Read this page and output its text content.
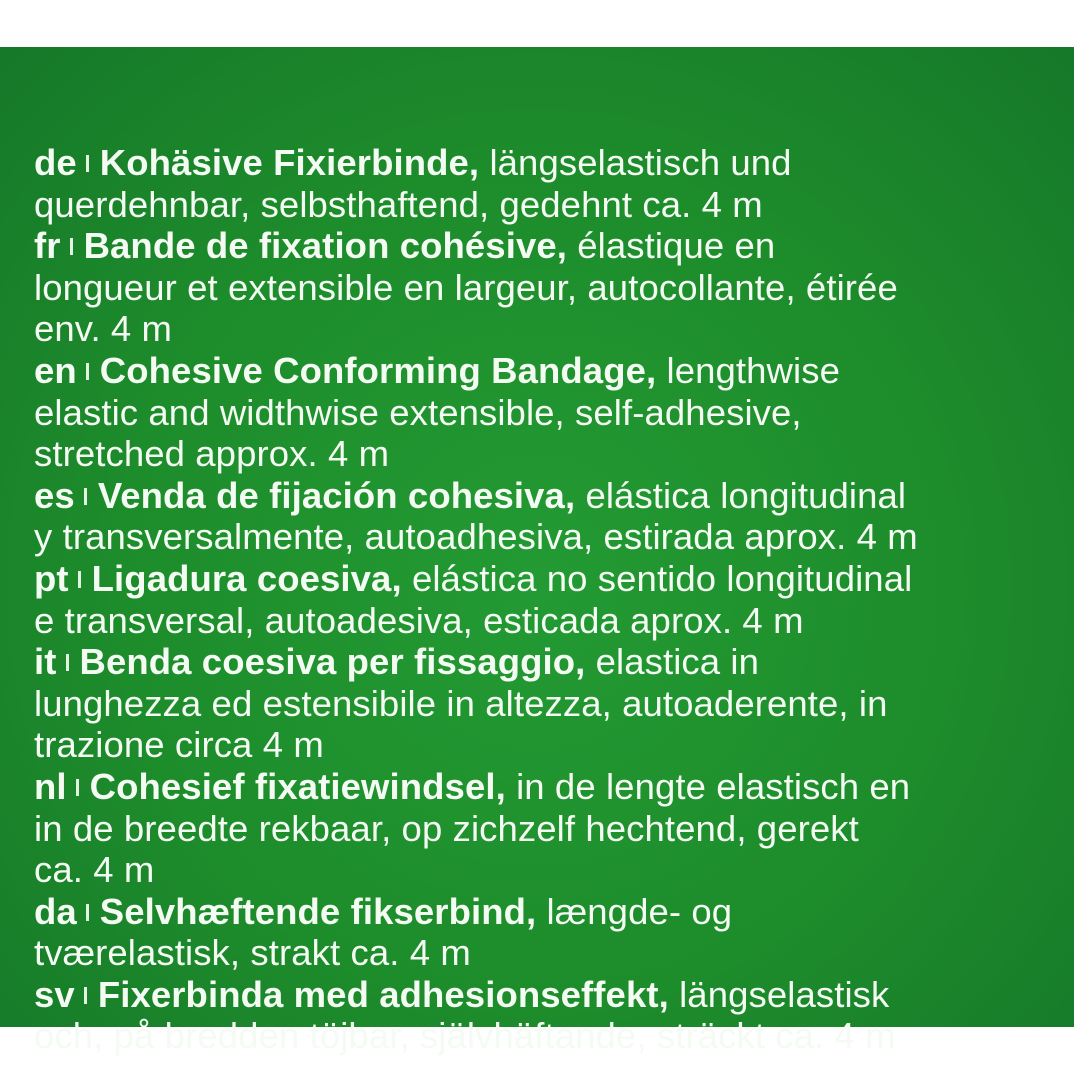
de Kohäsive Fixierbinde, längselastisch und
querdehnbar, selbsthaftend, gedehnt ca. 4 m
fr Bande de fixation cohésive, élastique en
longueur et extensible en largeur, autocollante, étirée
env. 4 m
en Cohesive Conforming Bandage, lengthwise
elastic and widthwise extensible, self-adhesive,
stretched approx. 4 m
es Venda de fijación cohesiva, elástica longitudinal
y transversalmente, autoadhesiva, estirada aprox. 4 m
pt Ligadura coesiva, elástica no sentido longitudinal
e transversal, autoadesiva, esticada aprox. 4 m
it Benda coesiva per fissaggio, elastica in
lunghezza ed estensibile in altezza, autoaderente, in
trazione circa 4 m
nl Cohesief fixatiewindsel, in de lengte elastisch en
in de breedte rekbaar, op zichzelf hechtend, gerekt
ca. 4 m
da Selvhæftende fikserbind, længde- og
tværelastisk, strakt ca. 4 m
sv Fixerbinda med adhesionseffekt, längselastisk
och, på bredden töjbar, självhäftande, sträckt ca. 4 m
